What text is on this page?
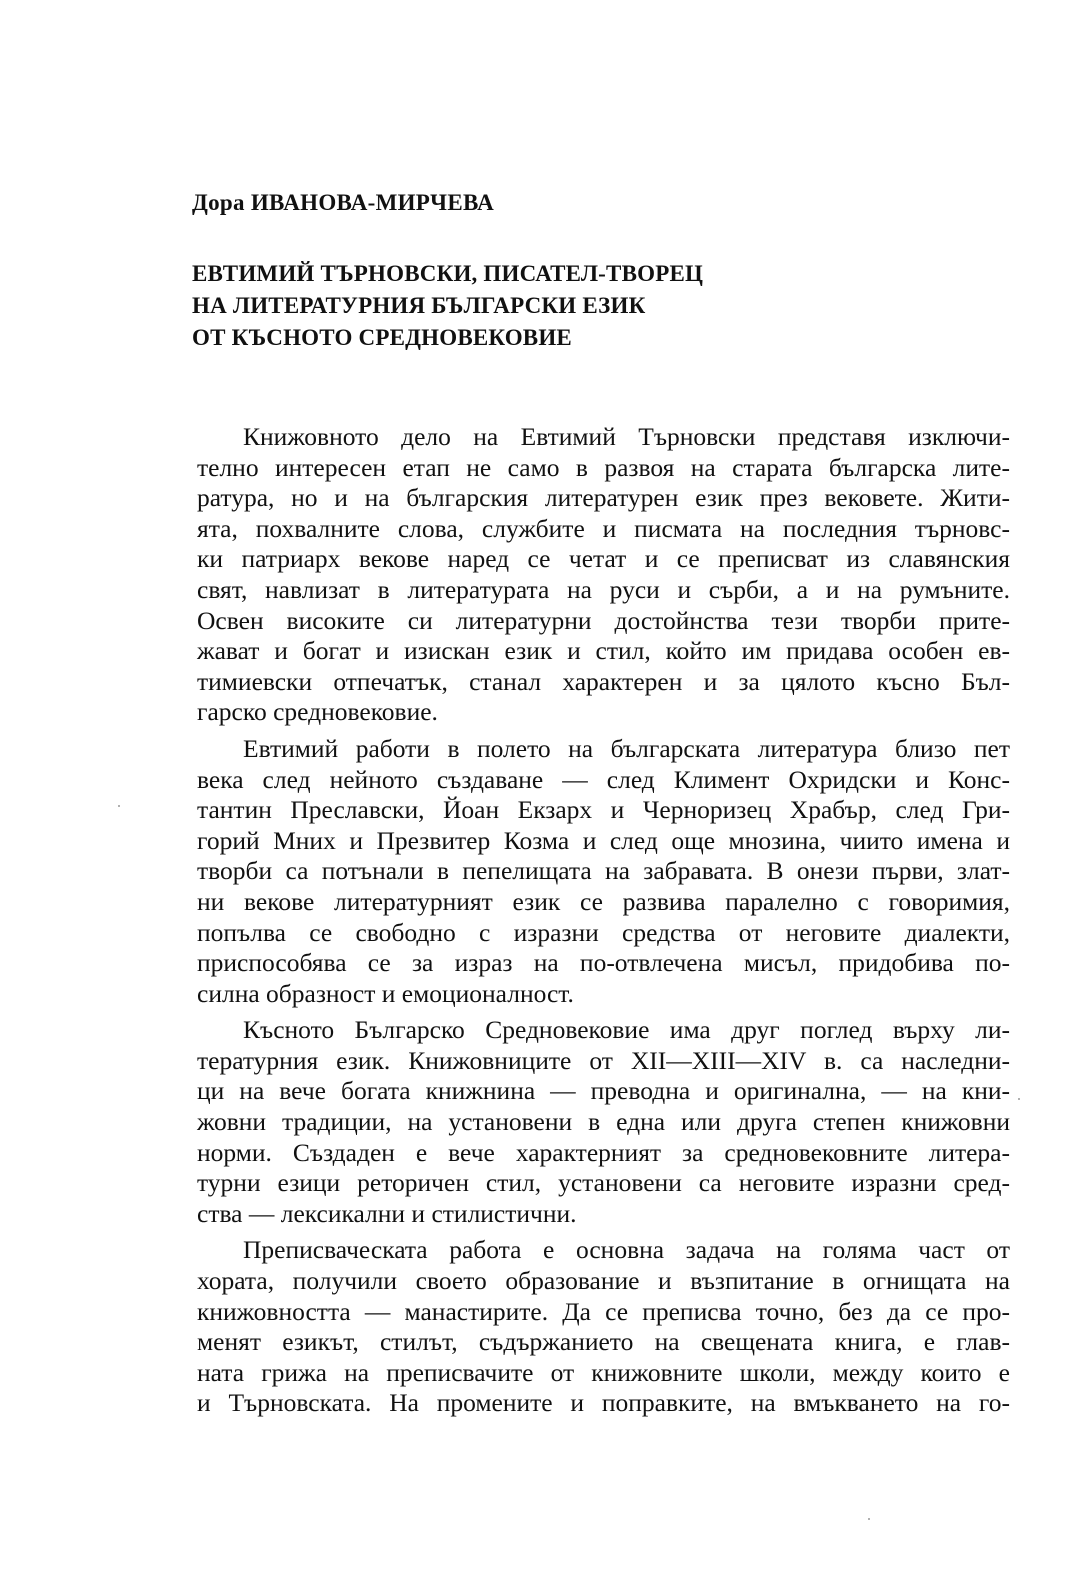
Дора ИВАНОВА-МИРЧЕВА
ЕВТИМИЙ ТЪРНОВСКИ, ПИСАТЕЛ-ТВОРЕЦ
НА ЛИТЕРАТУРНИЯ БЪЛГАРСКИ ЕЗИК
ОТ КЪСНОТО СРЕДНОВЕКОВИЕ
Книжовното дело на Евтимий Търновски представя изключи-
телно интересен етап не само в развоя на старата българска лите-
ратура, но и на българския литературен език през вековете. Жити-
ята, похвалните слова, службите и писмата на последния търновс-
ки патриарх векове наред се четат и се преписват из славянския
свят, навлизат в литературата на руси и сърби, а и на румъните.
Освен високите си литературни достойнства тези творби прите-
жават и богат и изискан език и стил, който им придава особен ев-
тимиевски отпечатък, станал характерен и за цялото късно Бъл-
гарско средновековие.
Евтимий работи в полето на българската литература близо пет
века след нейното създаване — след Климент Охридски и Конс-
тантин Преславски, Йоан Екзарх и Черноризец Храбър, след Гри-
горий Мних и Презвитер Козма и след още мнозина, чиито имена и
творби са потънали в пепелищата на забравата. В онези първи, злат-
ни векове литературният език се развива паралелно с говоримия,
попълва се свободно с изразни средства от неговите диалекти,
приспособява се за израз на по-отвлечена мисъл, придобива по-
силна образност и емоционалност.
Късното Българско Средновековие има друг поглед върху ли-
тературния език. Книжовниците от XII—XIII—XIV в. са наследни-
ци на вече богата книжнина — преводна и оригинална, — на кни-
жовни традиции, на установени в една или друга степен книжовни
норми. Създаден е вече характерният за средновековните литера-
турни езици реторичен стил, установени са неговите изразни сред-
ства — лексикални и стилистични.
Преписваческата работа е основна задача на голяма част от
хората, получили своето образование и възпитание в огнищата на
книжовността — манастирите. Да се преписва точно, без да се про-
менят езикът, стилът, съдържанието на свещената книга, е глав-
ната грижа на преписвачите от книжовните школи, между които е
и Търновската. На промените и поправките, на вмъкването на го-
